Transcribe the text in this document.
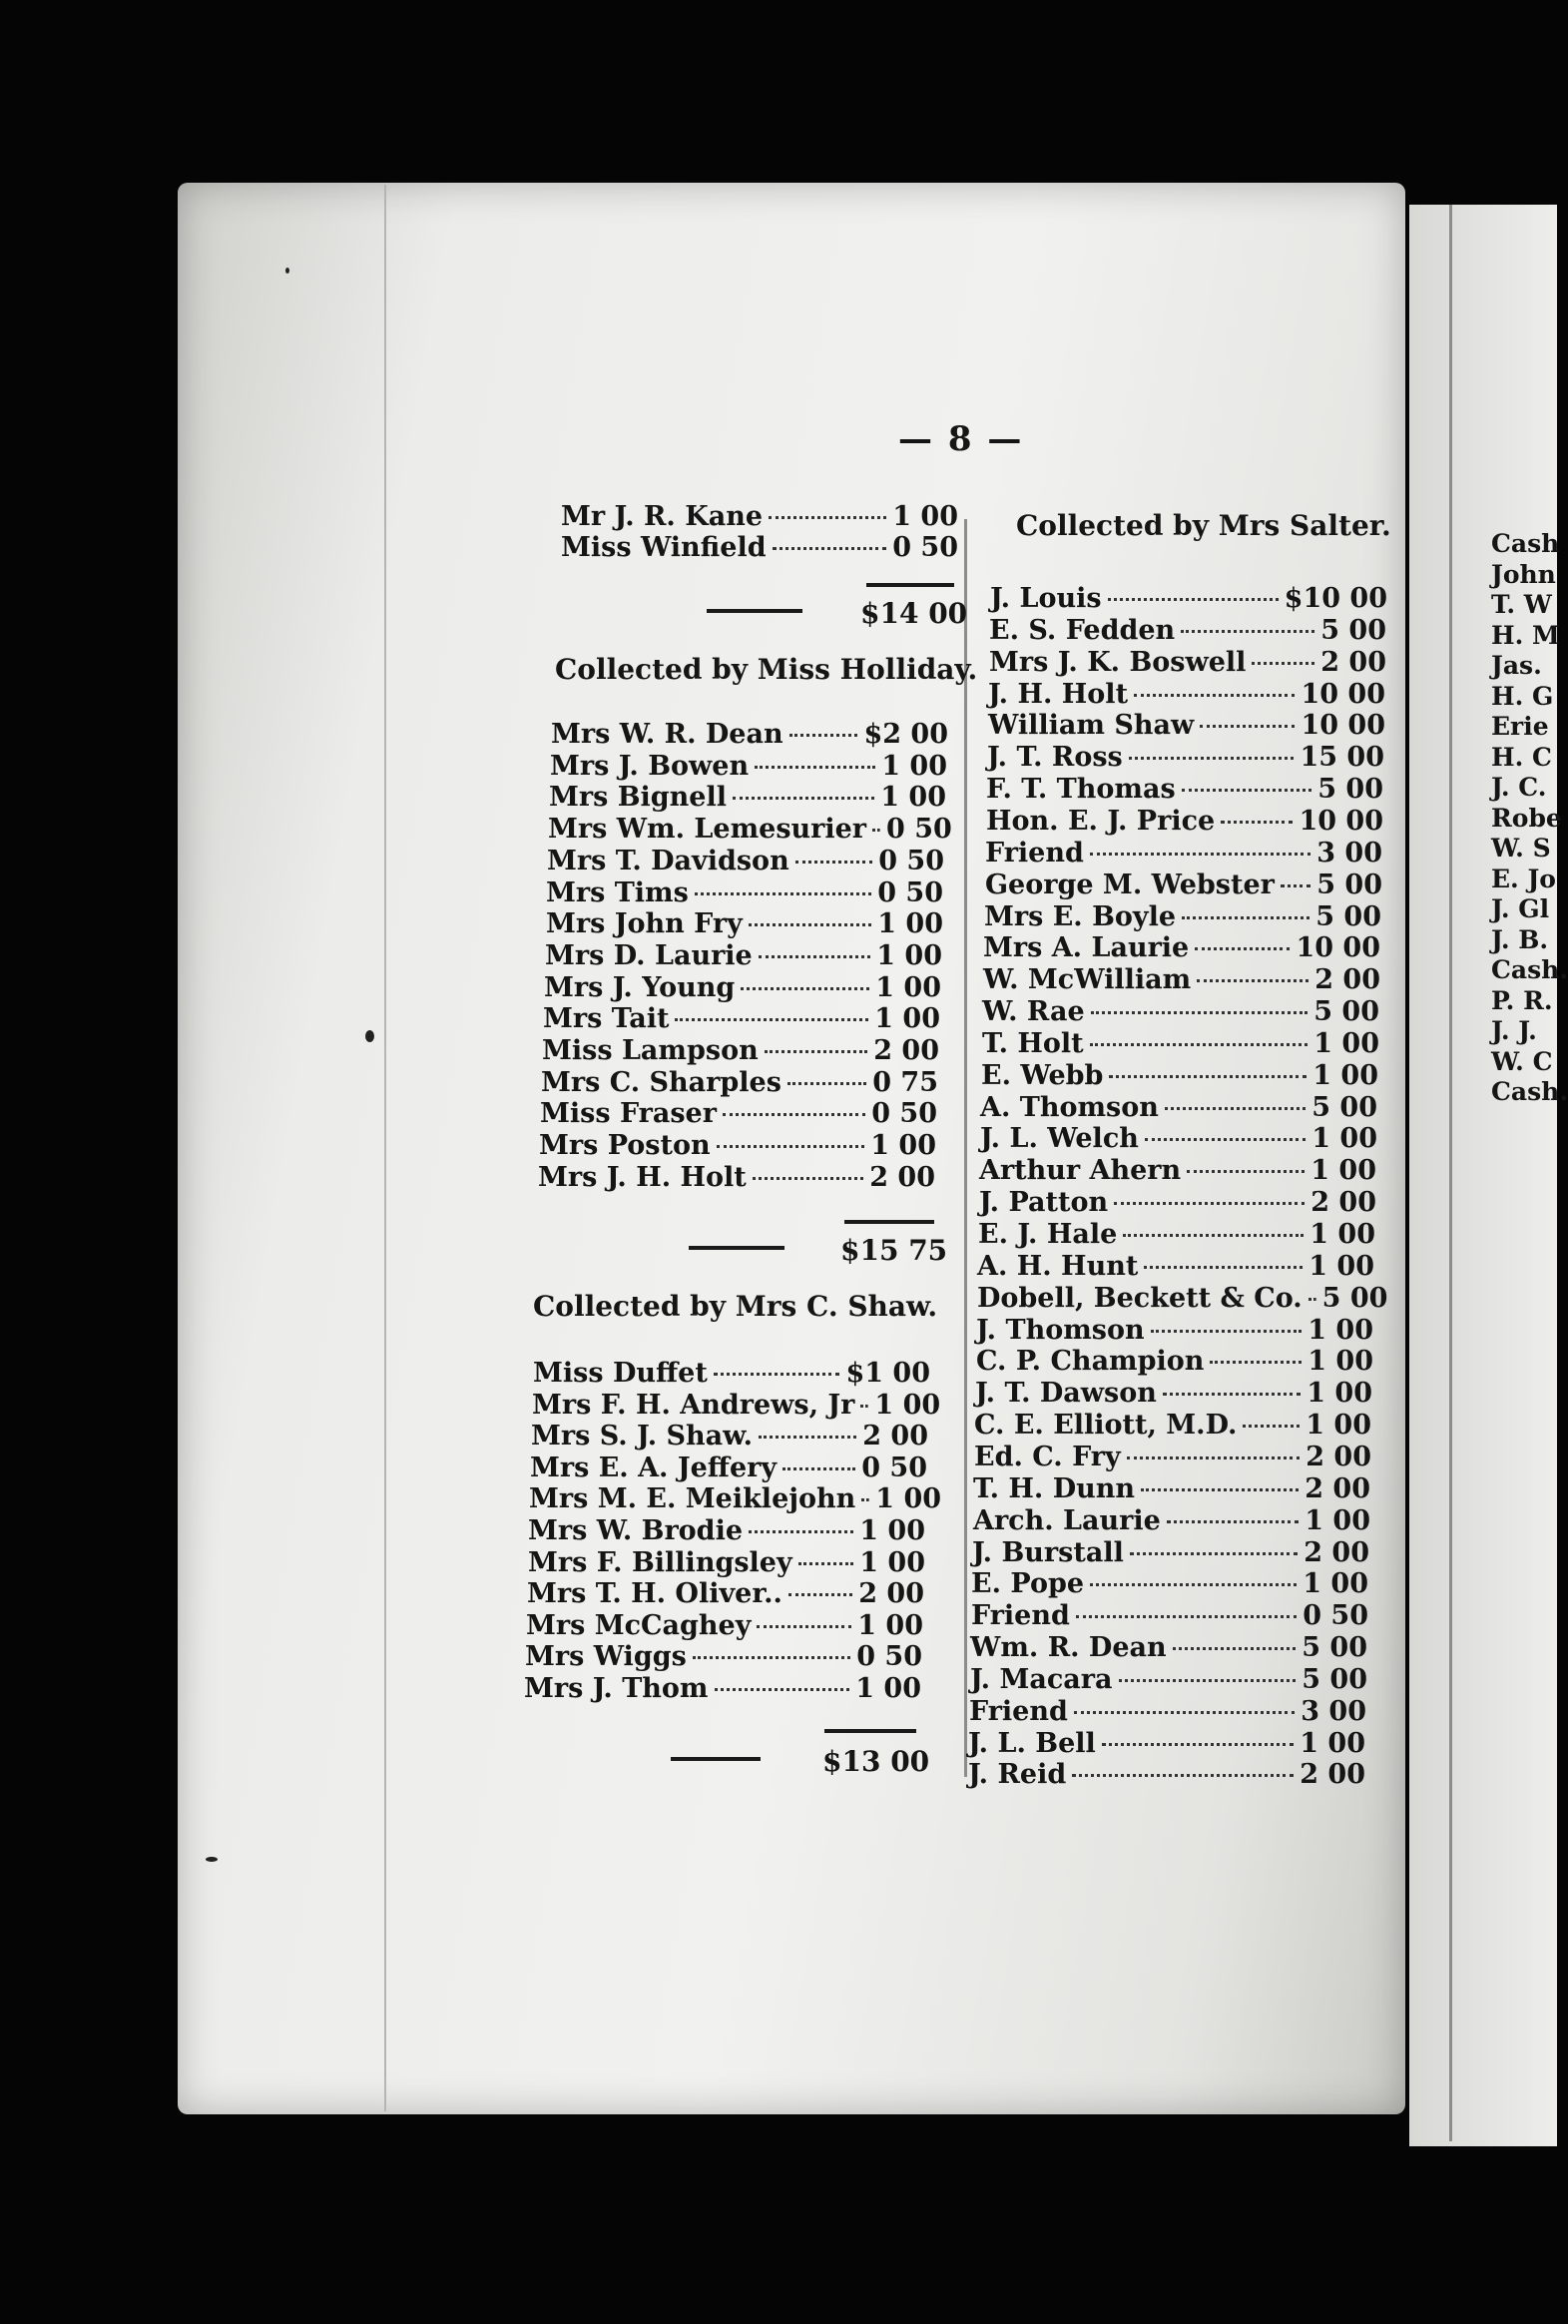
— 8 —
Mr J. R. Kane	1 00
Miss Winfield	0 50
$14 00
Collected by Miss Holliday.
Mrs W. R. Dean	$2 00
Mrs J. Bowen	1 00
Mrs Bignell	1 00
Mrs Wm. Lemesurier 0 50
Mrs T. Davidson	0 50
Mrs Tims	0 50
Mrs John Fry	1 00
Mrs D. Laurie	1 00
Mrs J. Young	1 00
Mrs Tait	1 00
Miss Lampson	2 00
Mrs C. Sharples	0 75
Miss Fraser	0 50
Mrs Poston	1 00
Mrs J. H. Holt	2 00
$15 75
Collected by Mrs C. Shaw.
Miss Duffet	$1 00
Mrs F. H. Andrews, Jr 1 00
Mrs S. J. Shaw.	2 00
Mrs E. A. Jeffery	0 50
Mrs M. E. Meiklejohn 1 00
Mrs W. Brodie	1 00
Mrs F. Billingsley	1 00
Mrs T. H. Oliver..	2 00
Mrs McCaghey	1 00
Mrs Wiggs	0 50
Mrs J. Thom	1 00
$13 00
Collected by Mrs Salter.
J. Louis	$10 00
E. S. Fedden	5 00
Mrs J. K. Boswell	2 00
J. H. Holt	10 00
William Shaw	10 00
J. T. Ross	15 00
F. T. Thomas	5 00
Hon. E. J. Price	10 00
Friend	3 00
George M. Webster 5 00
Mrs E. Boyle	5 00
Mrs A. Laurie	10 00
W. McWilliam	2 00
W. Rae	5 00
T. Holt	1 00
E. Webb	1 00
A. Thomson	5 00
J. L. Welch	1 00
Arthur Ahern	1 00
J. Patton	2 00
E. J. Hale	1 00
A. H. Hunt	1 00
Dobell, Beckett & Co. 5 00
J. Thomson	1 00
C. P. Champion	1 00
J. T. Dawson	1 00
C. E. Elliott, M.D.	1 00
Ed. C. Fry	2 00
T. H. Dunn	2 00
Arch. Laurie	1 00
J. Burstall	2 00
E. Pope	1 00
Friend	0 50
Wm. R. Dean	5 00
J. Macara	5 00
Friend	3 00
J. L. Bell	1 00
J. Reid	2 00
Cash
John
T. W
H. M
Jas.
H. G
Erie
H. C
J. C.
Robe
W. S
E. Jo
J. Gl
J. B.
Cash.
P. R.
J. J.
W. C
Cash.
